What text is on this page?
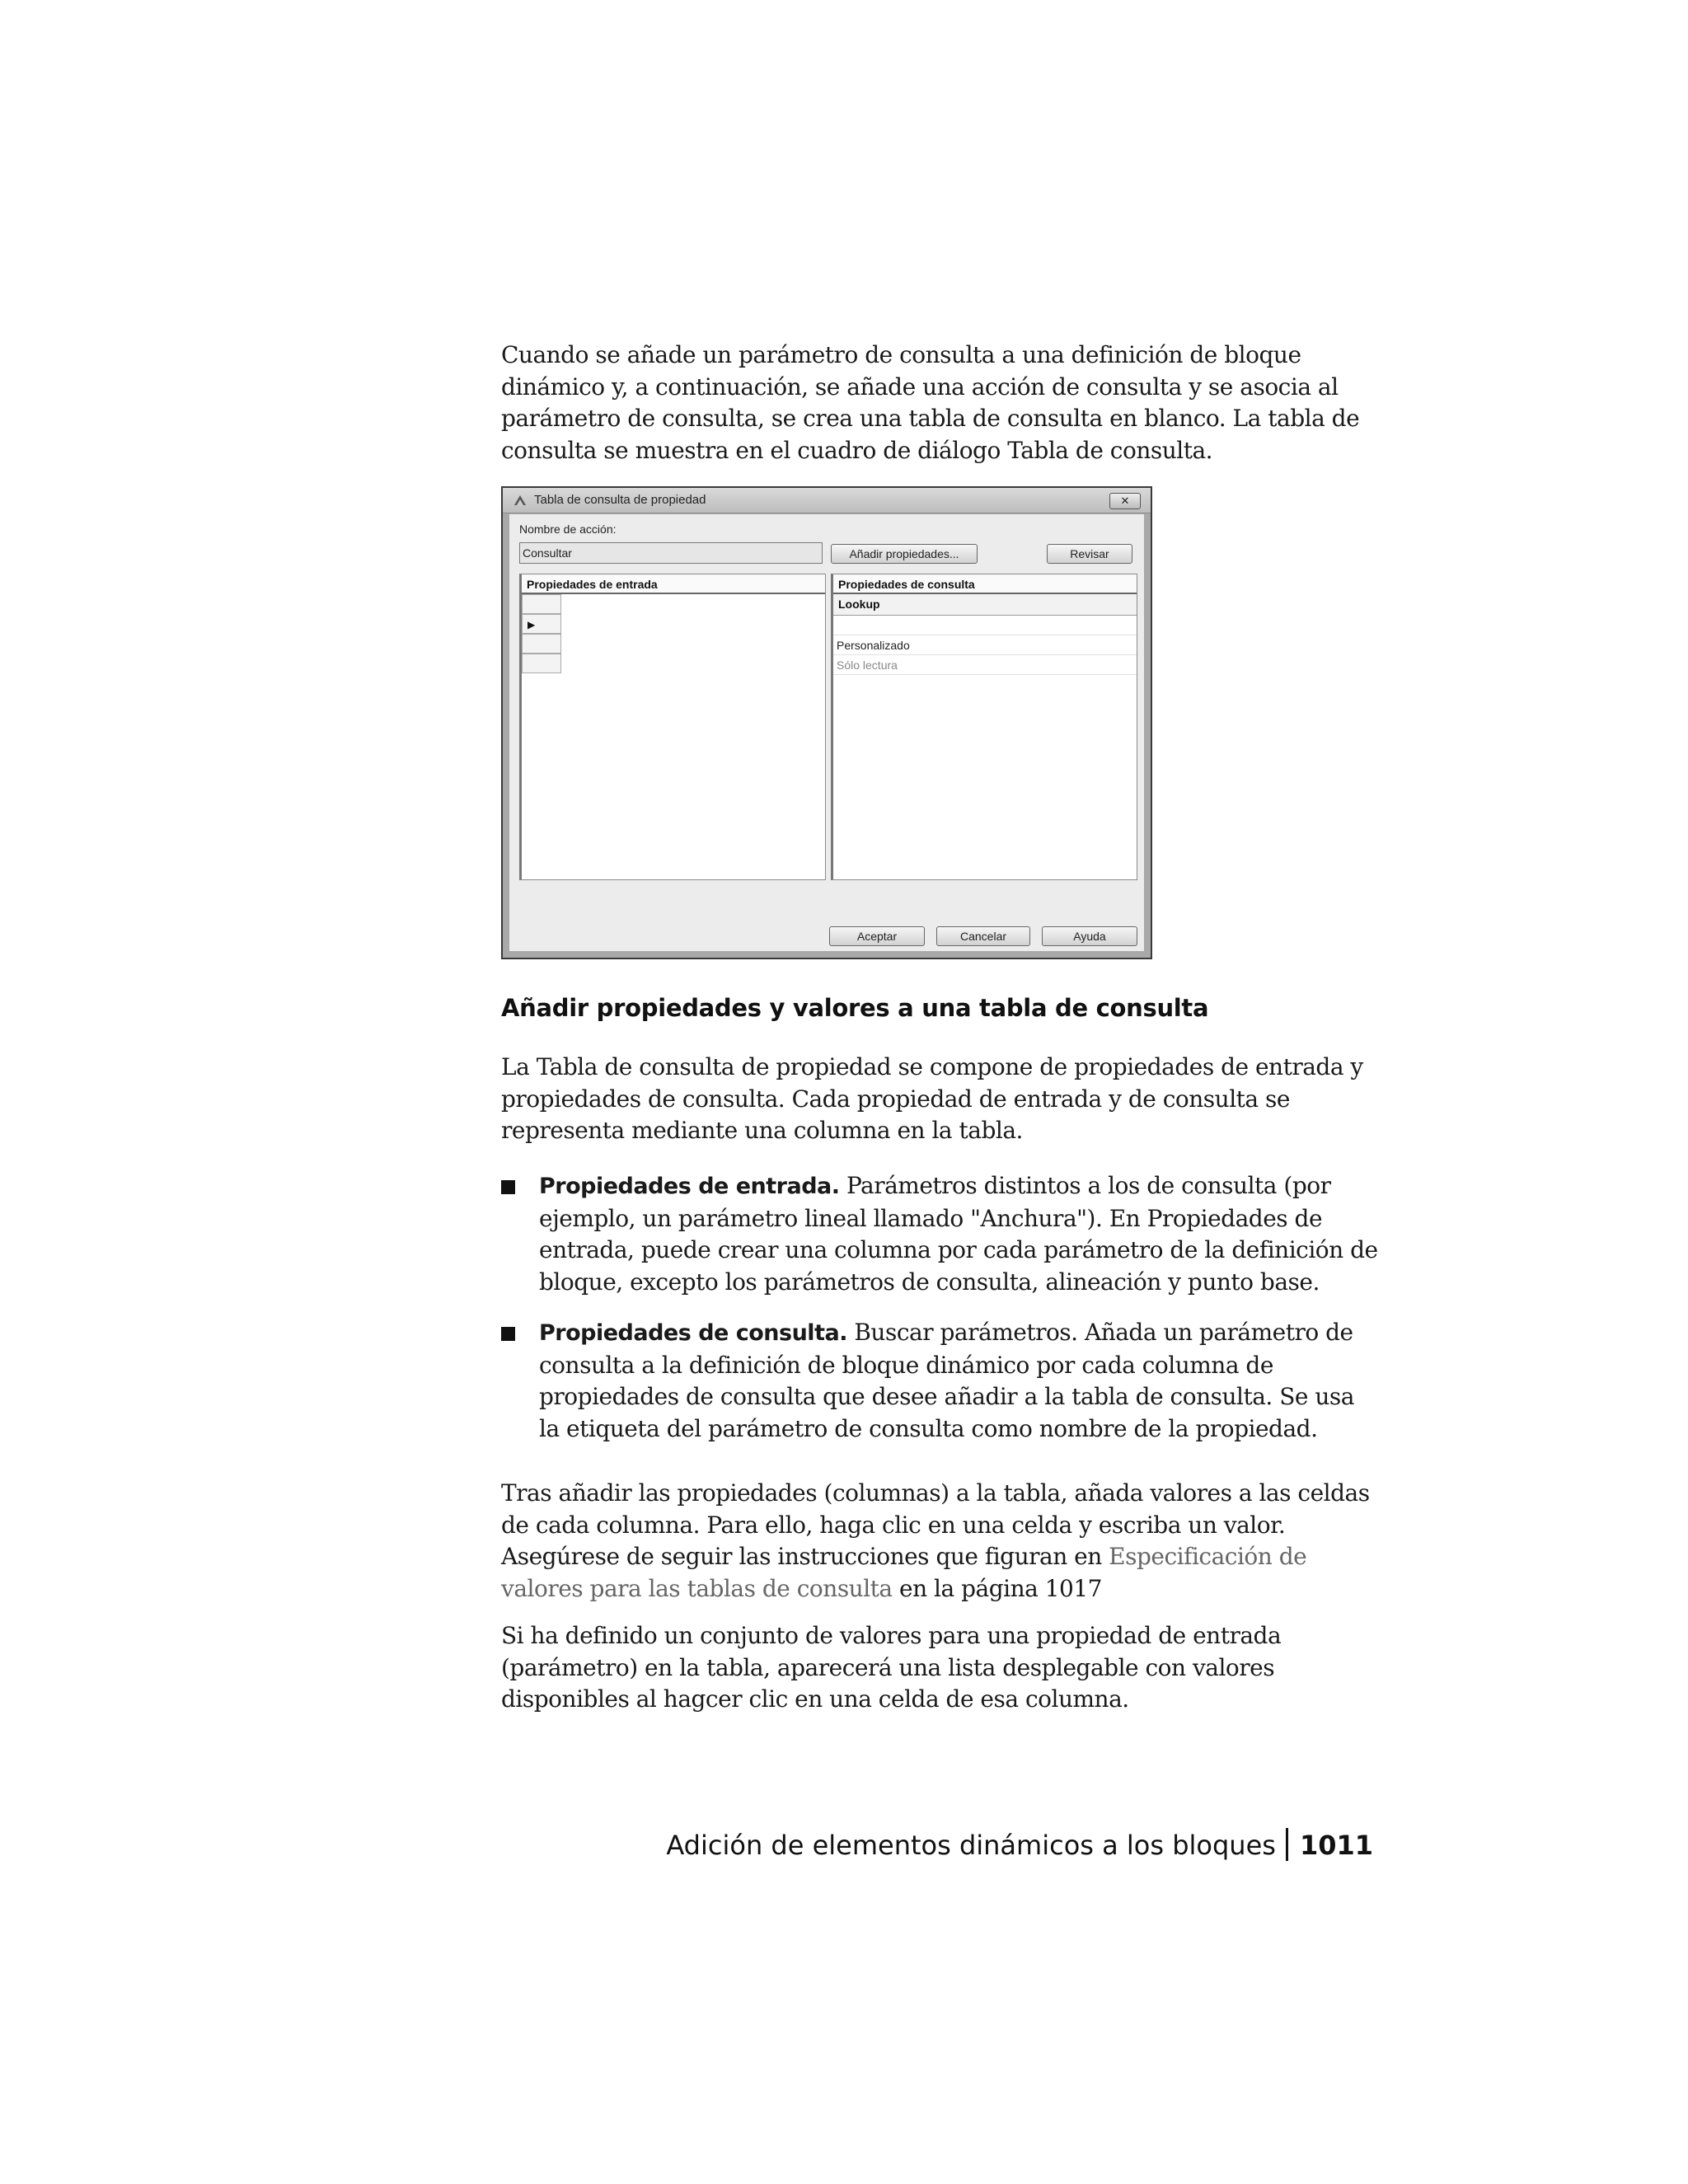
Cuando se añade un parámetro de consulta a una definición de bloque dinámico y, a continuación, se añade una acción de consulta y se asocia al parámetro de consulta, se crea una tabla de consulta en blanco. La tabla de consulta se muestra en el cuadro de diálogo Tabla de consulta.

Tabla de consulta de propiedad	✕
Nombre de acción:
Consultar	Añadir propiedades...	Revisar
Propiedades de entrada
▶
Propiedades de consulta
Lookup
Personalizado
Sólo lectura
Aceptar	Cancelar	Ayuda
Añadir propiedades y valores a una tabla de consulta

La Tabla de consulta de propiedad se compone de propiedades de entrada y propiedades de consulta. Cada propiedad de entrada y de consulta se representa mediante una columna en la tabla.

Propiedades de entrada. Parámetros distintos a los de consulta (por ejemplo, un parámetro lineal llamado "Anchura"). En Propiedades de entrada, puede crear una columna por cada parámetro de la definición de bloque, excepto los parámetros de consulta, alineación y punto base.

Propiedades de consulta. Buscar parámetros. Añada un parámetro de consulta a la definición de bloque dinámico por cada columna de propiedades de consulta que desee añadir a la tabla de consulta. Se usa la etiqueta del parámetro de consulta como nombre de la propiedad.

Tras añadir las propiedades (columnas) a la tabla, añada valores a las celdas de cada columna. Para ello, haga clic en una celda y escriba un valor. Asegúrese de seguir las instrucciones que figuran en Especificación de valores para las tablas de consulta en la página 1017

Si ha definido un conjunto de valores para una propiedad de entrada (parámetro) en la tabla, aparecerá una lista desplegable con valores disponibles al hagcer clic en una celda de esa columna.

Adición de elementos dinámicos a los bloques 1011
